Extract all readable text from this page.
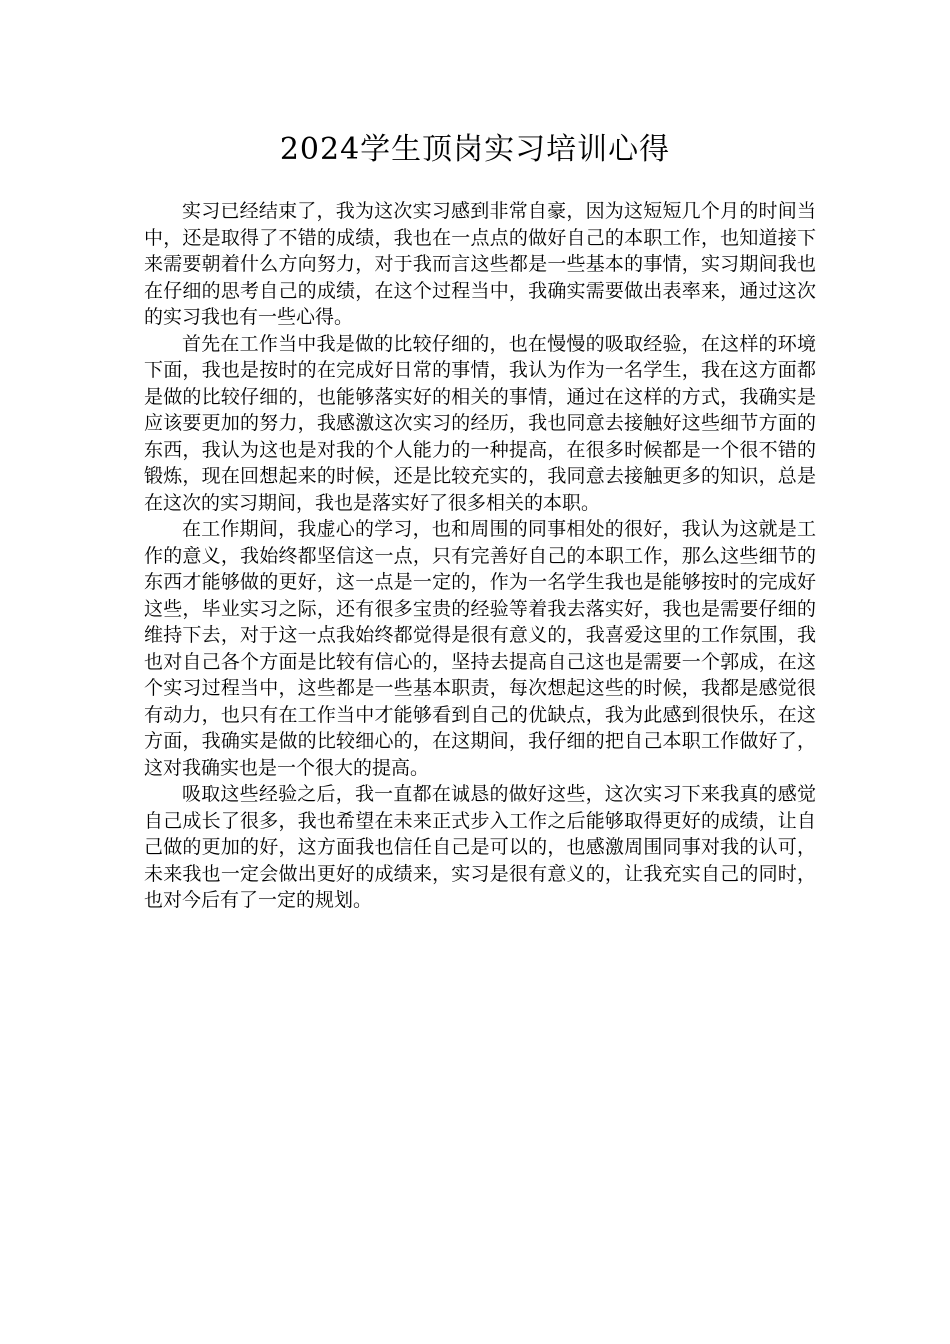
2024学生顶岗实习培训心得

实习已经结束了，我为这次实习感到非常自豪，因为这短短几个月的时间当中，还是取得了不错的成绩，我也在一点点的做好自己的本职工作，也知道接下来需要朝着什么方向努力，对于我而言这些都是一些基本的事情，实习期间我也在仔细的思考自己的成绩，在这个过程当中，我确实需要做出表率来，通过这次的实习我也有一些心得。

首先在工作当中我是做的比较仔细的，也在慢慢的吸取经验，在这样的环境下面，我也是按时的在完成好日常的事情，我认为作为一名学生，我在这方面都是做的比较仔细的，也能够落实好的相关的事情，通过在这样的方式，我确实是应该要更加的努力，我感激这次实习的经历，我也同意去接触好这些细节方面的东西，我认为这也是对我的个人能力的一种提高，在很多时候都是一个很不错的锻炼，现在回想起来的时候，还是比较充实的，我同意去接触更多的知识，总是在这次的实习期间，我也是落实好了很多相关的本职。

在工作期间，我虚心的学习，也和周围的同事相处的很好，我认为这就是工作的意义，我始终都坚信这一点，只有完善好自己的本职工作，那么这些细节的东西才能够做的更好，这一点是一定的，作为一名学生我也是能够按时的完成好这些，毕业实习之际，还有很多宝贵的经验等着我去落实好，我也是需要仔细的维持下去，对于这一点我始终都觉得是很有意义的，我喜爱这里的工作氛围，我也对自己各个方面是比较有信心的，坚持去提高自己这也是需要一个郭成，在这个实习过程当中，这些都是一些基本职责，每次想起这些的时候，我都是感觉很有动力，也只有在工作当中才能够看到自己的优缺点，我为此感到很快乐，在这方面，我确实是做的比较细心的，在这期间，我仔细的把自己本职工作做好了，这对我确实也是一个很大的提高。

吸取这些经验之后，我一直都在诚恳的做好这些，这次实习下来我真的感觉自己成长了很多，我也希望在未来正式步入工作之后能够取得更好的成绩，让自己做的更加的好，这方面我也信任自己是可以的，也感激周围同事对我的认可，未来我也一定会做出更好的成绩来，实习是很有意义的，让我充实自己的同时，也对今后有了一定的规划。
